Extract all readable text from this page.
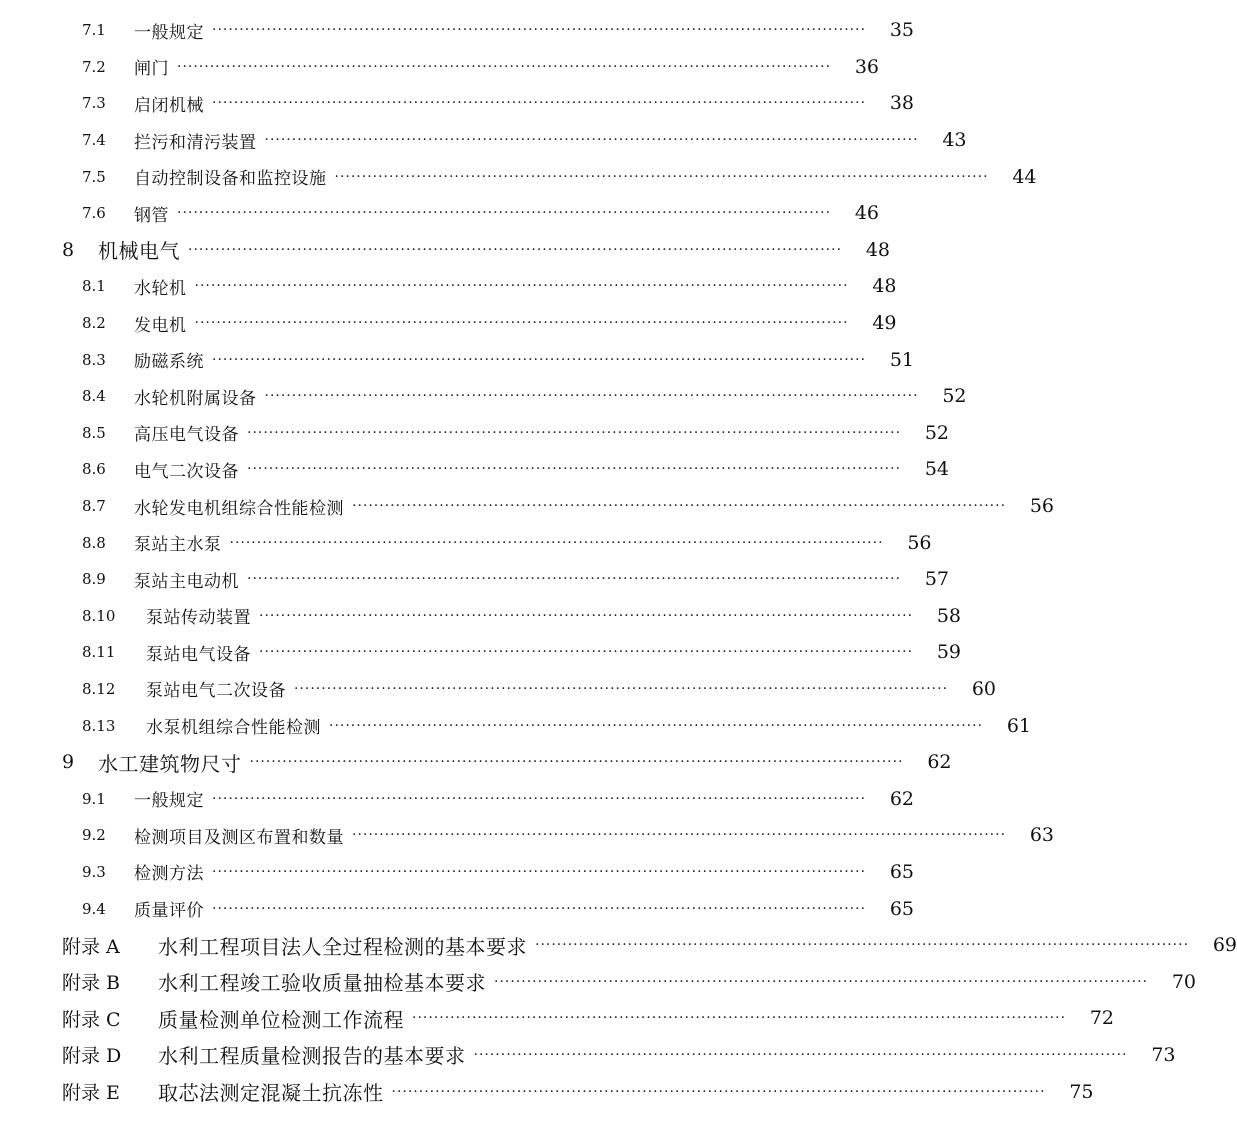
7.1	一般规定 ························································································································	35
7.2	闸门 ························································································································	36
7.3	启闭机械 ························································································································	38
7.4	拦污和清污装置 ························································································································	43
7.5	自动控制设备和监控设施 ························································································································	44
7.6	钢管 ························································································································	46
8	机械电气 ························································································································	48
8.1	水轮机 ························································································································	48
8.2	发电机 ························································································································	49
8.3	励磁系统 ························································································································	51
8.4	水轮机附属设备 ························································································································	52
8.5	高压电气设备 ························································································································	52
8.6	电气二次设备 ························································································································	54
8.7	水轮发电机组综合性能检测 ························································································································	56
8.8	泵站主水泵 ························································································································	56
8.9	泵站主电动机 ························································································································	57
8.10	泵站传动装置 ························································································································	58
8.11	泵站电气设备 ························································································································	59
8.12	泵站电气二次设备 ························································································································	60
8.13	水泵机组综合性能检测 ························································································································	61
9	水工建筑物尺寸 ························································································································	62
9.1	一般规定 ························································································································	62
9.2	检测项目及测区布置和数量 ························································································································	63
9.3	检测方法 ························································································································	65
9.4	质量评价 ························································································································	65
附录 A	水利工程项目法人全过程检测的基本要求 ························································································································	69
附录 B	水利工程竣工验收质量抽检基本要求 ························································································································	70
附录 C	质量检测单位检测工作流程 ························································································································	72
附录 D	水利工程质量检测报告的基本要求 ························································································································	73
附录 E	取芯法测定混凝土抗冻性 ························································································································	75
